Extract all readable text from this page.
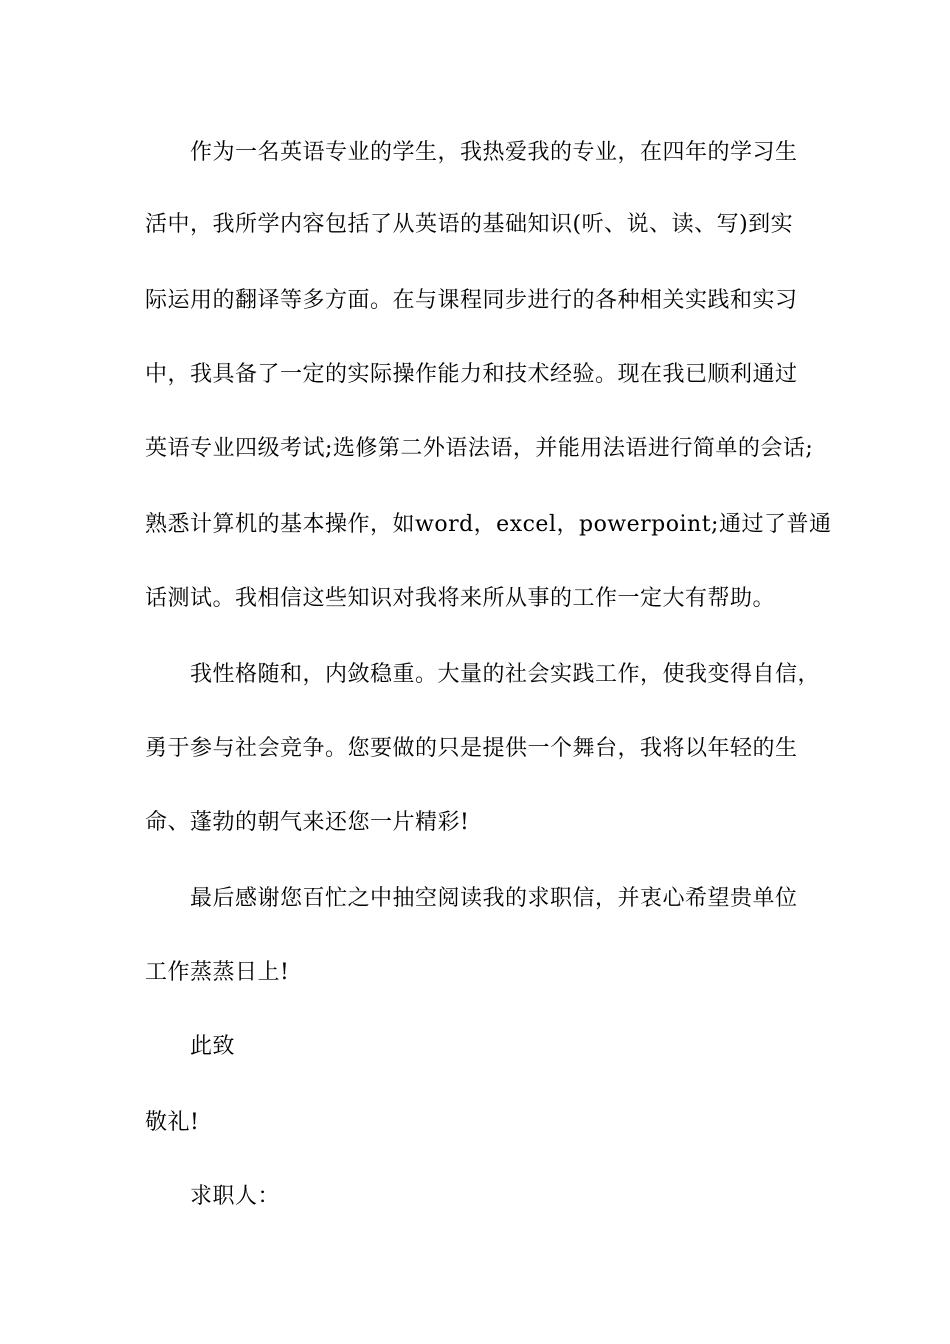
作为一名英语专业的学生，我热爱我的专业，在四年的学习生
活中，我所学内容包括了从英语的基础知识(听、说、读、写)到实
际运用的翻译等多方面。在与课程同步进行的各种相关实践和实习
中，我具备了一定的实际操作能力和技术经验。现在我已顺利通过
英语专业四级考试;选修第二外语法语，并能用法语进行简单的会话;
熟悉计算机的基本操作，如word，excel，powerpoint;通过了普通
话测试。我相信这些知识对我将来所从事的工作一定大有帮助。
我性格随和，内敛稳重。大量的社会实践工作，使我变得自信，
勇于参与社会竞争。您要做的只是提供一个舞台，我将以年轻的生
命、蓬勃的朝气来还您一片精彩!
最后感谢您百忙之中抽空阅读我的求职信，并衷心希望贵单位
工作蒸蒸日上!
此致
敬礼!
求职人：
